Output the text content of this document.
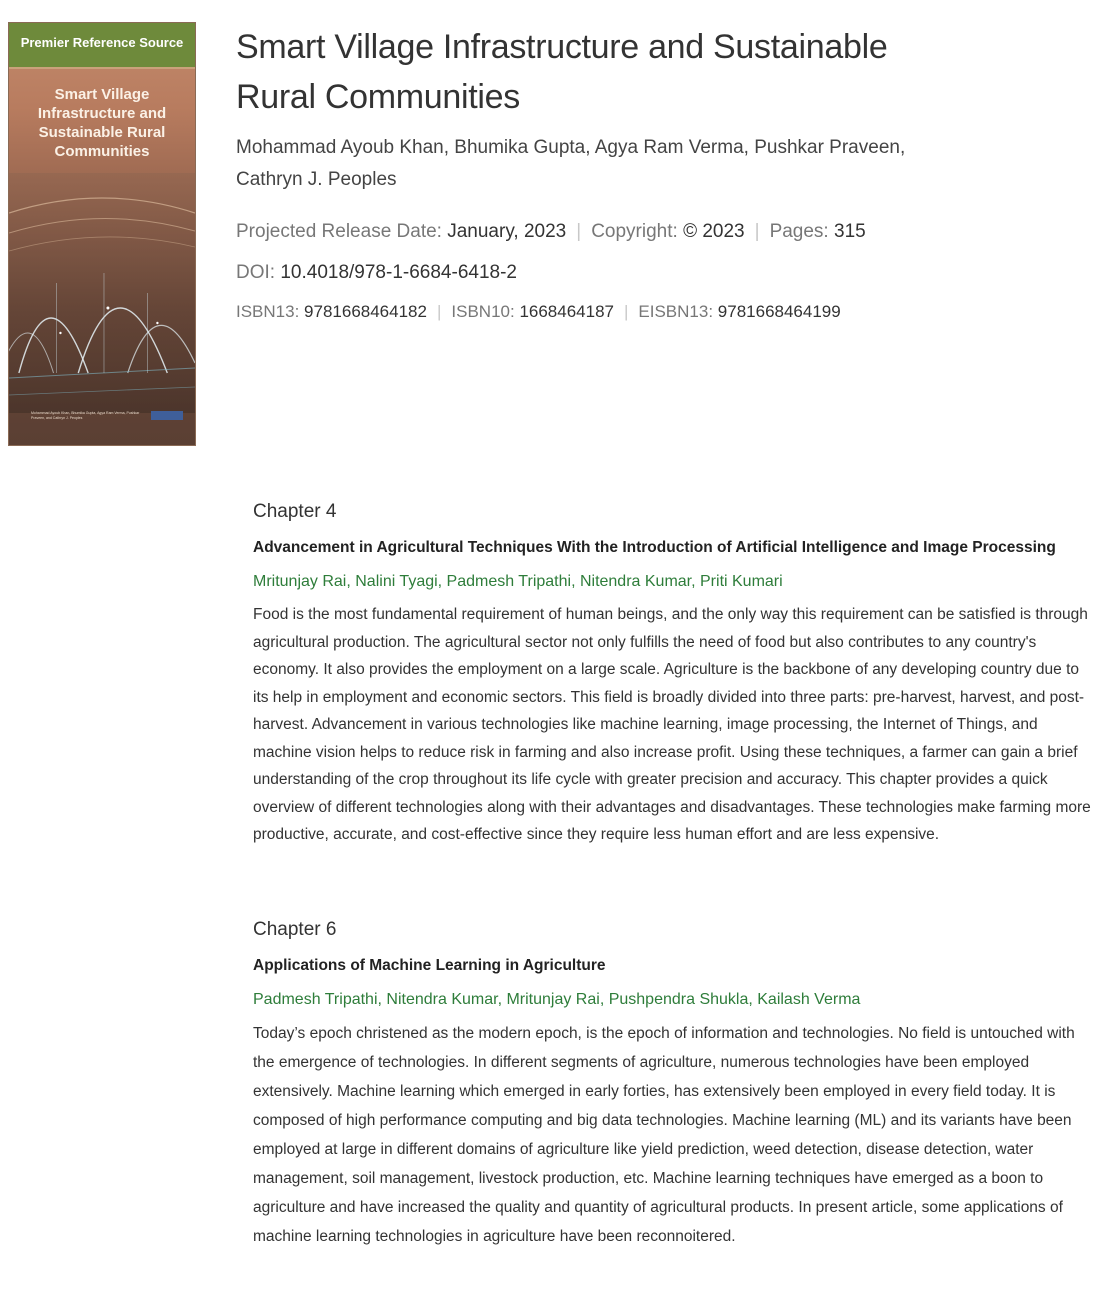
Premier Reference Source
Smart Village Infrastructure and Sustainable Rural Communities
Mohammad Ayoub Khan, Bhumika Gupta, Agya Ram Verma, Pushkar Praveen, and Cathryn J. Peoples
Smart Village Infrastructure and Sustainable Rural Communities
Mohammad Ayoub Khan, Bhumika Gupta, Agya Ram Verma, Pushkar Praveen, Cathryn J. Peoples
Projected Release Date: January, 2023 | Copyright: © 2023 | Pages: 315
DOI: 10.4018/978-1-6684-6418-2
ISBN13: 9781668464182 | ISBN10: 1668464187 | EISBN13: 9781668464199
Chapter 4
Advancement in Agricultural Techniques With the Introduction of Artificial Intelligence and Image Processing
Mritunjay Rai, Nalini Tyagi, Padmesh Tripathi, Nitendra Kumar, Priti Kumari
Food is the most fundamental requirement of human beings, and the only way this requirement can be satisfied is through agricultural production. The agricultural sector not only fulfills the need of food but also contributes to any country's economy. It also provides the employment on a large scale. Agriculture is the backbone of any developing country due to its help in employment and economic sectors. This field is broadly divided into three parts: pre-harvest, harvest, and post-harvest. Advancement in various technologies like machine learning, image processing, the Internet of Things, and machine vision helps to reduce risk in farming and also increase profit. Using these techniques, a farmer can gain a brief understanding of the crop throughout its life cycle with greater precision and accuracy. This chapter provides a quick overview of different technologies along with their advantages and disadvantages. These technologies make farming more productive, accurate, and cost-effective since they require less human effort and are less expensive.
Chapter 6
Applications of Machine Learning in Agriculture
Padmesh Tripathi, Nitendra Kumar, Mritunjay Rai, Pushpendra Shukla, Kailash Verma
Today’s epoch christened as the modern epoch, is the epoch of information and technologies. No field is untouched with the emergence of technologies. In different segments of agriculture, numerous technologies have been employed extensively. Machine learning which emerged in early forties, has extensively been employed in every field today. It is composed of high performance computing and big data technologies. Machine learning (ML) and its variants have been employed at large in different domains of agriculture like yield prediction, weed detection, disease detection, water management, soil management, livestock production, etc. Machine learning techniques have emerged as a boon to agriculture and have increased the quality and quantity of agricultural products. In present article, some applications of machine learning technologies in agriculture have been reconnoitered.
